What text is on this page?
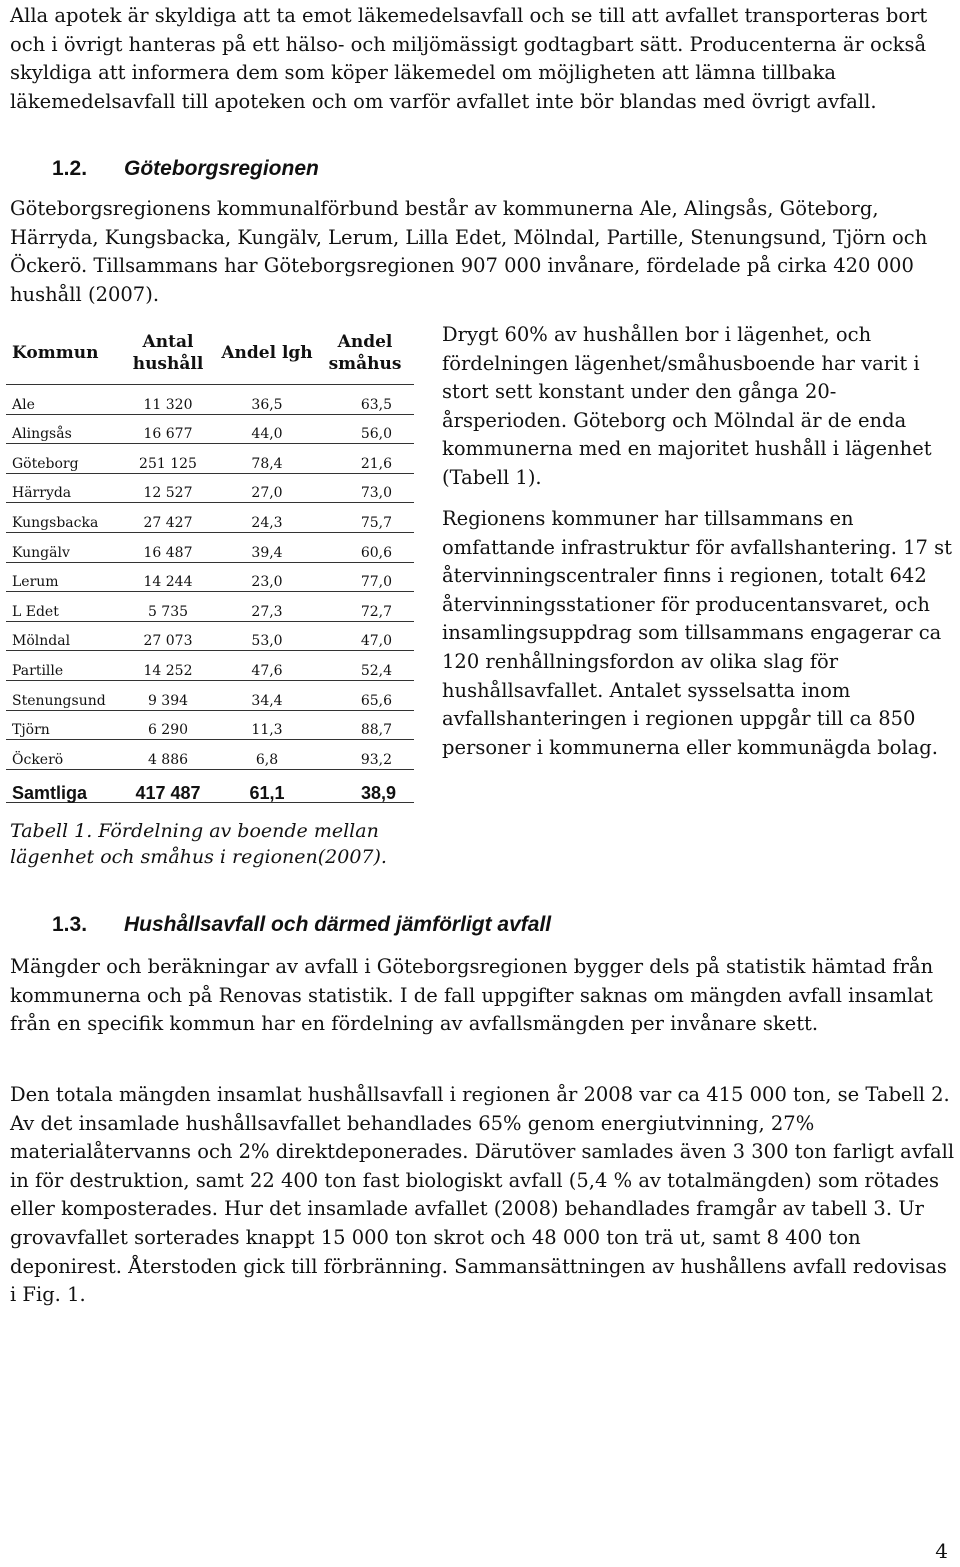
Alla apotek är skyldiga att ta emot läkemedelsavfall och se till att avfallet transporteras bort och i övrigt hanteras på ett hälso- och miljömässigt godtagbart sätt. Producenterna är också skyldiga att informera dem som köper läkemedel om möjligheten att lämna tillbaka läkemedelsavfall till apoteken och om varför avfallet inte bör blandas med övrigt avfall.

1.2. Göteborgsregionen

Göteborgsregionens kommunalförbund består av kommunerna Ale, Alingsås, Göteborg, Härryda, Kungsbacka, Kungälv, Lerum, Lilla Edet, Mölndal, Partille, Stenungsund, Tjörn och Öckerö. Tillsammans har Göteborgsregionen 907 000 invånare, fördelade på cirka 420 000 hushåll (2007).

Kommun	Antal hushåll	Andel lgh	Andel småhus
Ale	11 320	36,5	63,5
Alingsås	16 677	44,0	56,0
Göteborg	251 125	78,4	21,6
Härryda	12 527	27,0	73,0
Kungsbacka	27 427	24,3	75,7
Kungälv	16 487	39,4	60,6
Lerum	14 244	23,0	77,0
L Edet	5 735	27,3	72,7
Mölndal	27 073	53,0	47,0
Partille	14 252	47,6	52,4
Stenungsund	9 394	34,4	65,6
Tjörn	6 290	11,3	88,7
Öckerö	4 886	6,8	93,2
Samtliga	417 487	61,1	38,9

Tabell 1. Fördelning av boende mellan lägenhet och småhus i regionen(2007).

Drygt 60% av hushållen bor i lägenhet, och fördelningen lägenhet/småhusboende har varit i stort sett konstant under den gånga 20-årsperioden. Göteborg och Mölndal är de enda kommunerna med en majoritet hushåll i lägenhet (Tabell 1).

Regionens kommuner har tillsammans en omfattande infrastruktur för avfallshantering. 17 st återvinningscentraler finns i regionen, totalt 642 återvinningsstationer för producentansvaret, och insamlingsuppdrag som tillsammans engagerar ca 120 renhållningsfordon av olika slag för hushållsavfallet. Antalet sysselsatta inom avfallshanteringen i regionen uppgår till ca 850 personer i kommunerna eller kommunägda bolag.

1.3. Hushållsavfall och därmed jämförligt avfall

Mängder och beräkningar av avfall i Göteborgsregionen bygger dels på statistik hämtad från kommunerna och på Renovas statistik. I de fall uppgifter saknas om mängden avfall insamlat från en specifik kommun har en fördelning av avfallsmängden per invånare skett.

Den totala mängden insamlat hushållsavfall i regionen år 2008 var ca 415 000 ton, se Tabell 2. Av det insamlade hushållsavfallet behandlades 65% genom energiutvinning, 27% materialåtervanns och 2% direktdeponerades. Därutöver samlades även 3 300 ton farligt avfall in för destruktion, samt 22 400 ton fast biologiskt avfall (5,4 % av totalmängden) som rötades eller komposterades. Hur det insamlade avfallet (2008) behandlades framgår av tabell 3. Ur grovavfallet sorterades knappt 15 000 ton skrot och 48 000 ton trä ut, samt 8 400 ton deponirest. Återstoden gick till förbränning. Sammansättningen av hushållens avfall redovisas i Fig. 1.

4
